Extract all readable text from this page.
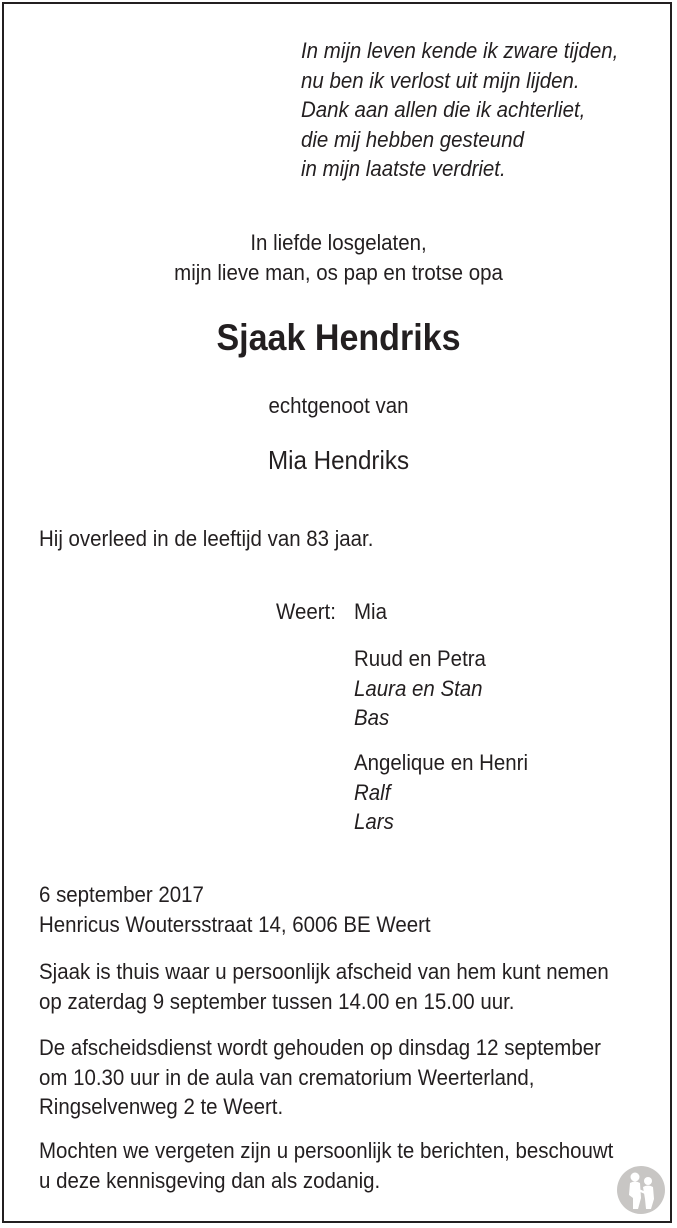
In mijn leven kende ik zware tijden,
nu ben ik verlost uit mijn lijden.
Dank aan allen die ik achterliet,
die mij hebben gesteund
in mijn laatste verdriet.
In liefde losgelaten,
mijn lieve man, os pap en trotse opa
Sjaak Hendriks
echtgenoot van
Mia Hendriks
Hij overleed in de leeftijd van 83 jaar.
Weert: Mia
Ruud en Petra
Laura en Stan
Bas
Angelique en Henri
Ralf
Lars
6 september 2017
Henricus Woutersstraat 14, 6006 BE Weert
Sjaak is thuis waar u persoonlijk afscheid van hem kunt nemen
op zaterdag 9 september tussen 14.00 en 15.00 uur.
De afscheidsdienst wordt gehouden op dinsdag 12 september
om 10.30 uur in de aula van crematorium Weerterland,
Ringselvenweg 2 te Weert.
Mochten we vergeten zijn u persoonlijk te berichten, beschouwt
u deze kennisgeving dan als zodanig.
